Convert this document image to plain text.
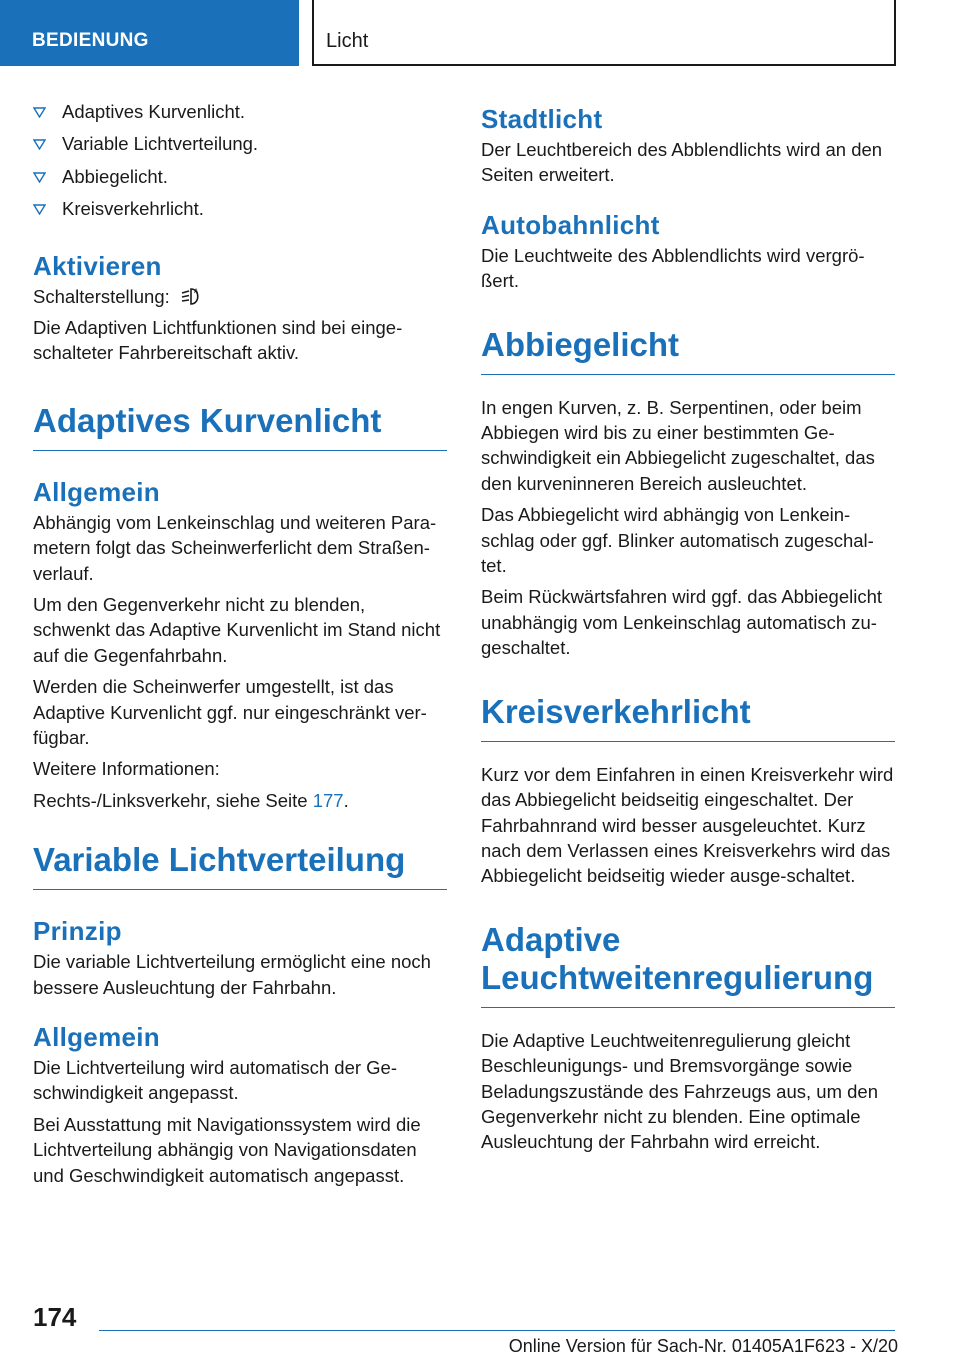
BEDIENUNG	Licht
Adaptives Kurvenlicht.
Variable Lichtverteilung.
Abbiegelicht.
Kreisverkehrlicht.
Aktivieren

Schalterstellung:	A

Die Adaptiven Lichtfunktionen sind bei einge-schalteter Fahrbereitschaft aktiv.

Adaptives Kurvenlicht
Allgemein

Abhängig vom Lenkeinschlag und weiteren Para-metern folgt das Scheinwerferlicht dem Straßen-verlauf.

Um den Gegenverkehr nicht zu blenden, schwenkt das Adaptive Kurvenlicht im Stand nicht auf die Gegenfahrbahn.

Werden die Scheinwerfer umgestellt, ist das Adaptive Kurvenlicht ggf. nur eingeschränkt ver-fügbar.

Weitere Informationen:

Rechts-/Linksverkehr, siehe Seite 177.

Variable Lichtverteilung
Prinzip

Die variable Lichtverteilung ermöglicht eine noch bessere Ausleuchtung der Fahrbahn.

Allgemein

Die Lichtverteilung wird automatisch der Ge-schwindigkeit angepasst.

Bei Ausstattung mit Navigationssystem wird die Lichtverteilung abhängig von Navigationsdaten und Geschwindigkeit automatisch angepasst.

Stadtlicht

Der Leuchtbereich des Abblendlichts wird an den Seiten erweitert.

Autobahnlicht

Die Leuchtweite des Abblendlichts wird vergrö-ßert.

Abbiegelicht

In engen Kurven, z. B. Serpentinen, oder beim Abbiegen wird bis zu einer bestimmten Ge-schwindigkeit ein Abbiegelicht zugeschaltet, das den kurveninneren Bereich ausleuchtet.

Das Abbiegelicht wird abhängig von Lenkein-schlag oder ggf. Blinker automatisch zugeschal-tet.

Beim Rückwärtsfahren wird ggf. das Abbiegelicht unabhängig vom Lenkeinschlag automatisch zu-geschaltet.

Kreisverkehrlicht

Kurz vor dem Einfahren in einen Kreisverkehr wird das Abbiegelicht beidseitig eingeschaltet. Der Fahrbahnrand wird besser ausgeleuchtet. Kurz nach dem Verlassen eines Kreisverkehrs wird das Abbiegelicht beidseitig wieder ausge-schaltet.

Adaptive
Leuchtweitenregulierung

Die Adaptive Leuchtweitenregulierung gleicht Beschleunigungs- und Bremsvorgänge sowie Beladungszustände des Fahrzeugs aus, um den Gegenverkehr nicht zu blenden. Eine optimale Ausleuchtung der Fahrbahn wird erreicht.

174
Online Version für Sach-Nr. 01405A1F623 - X/20
